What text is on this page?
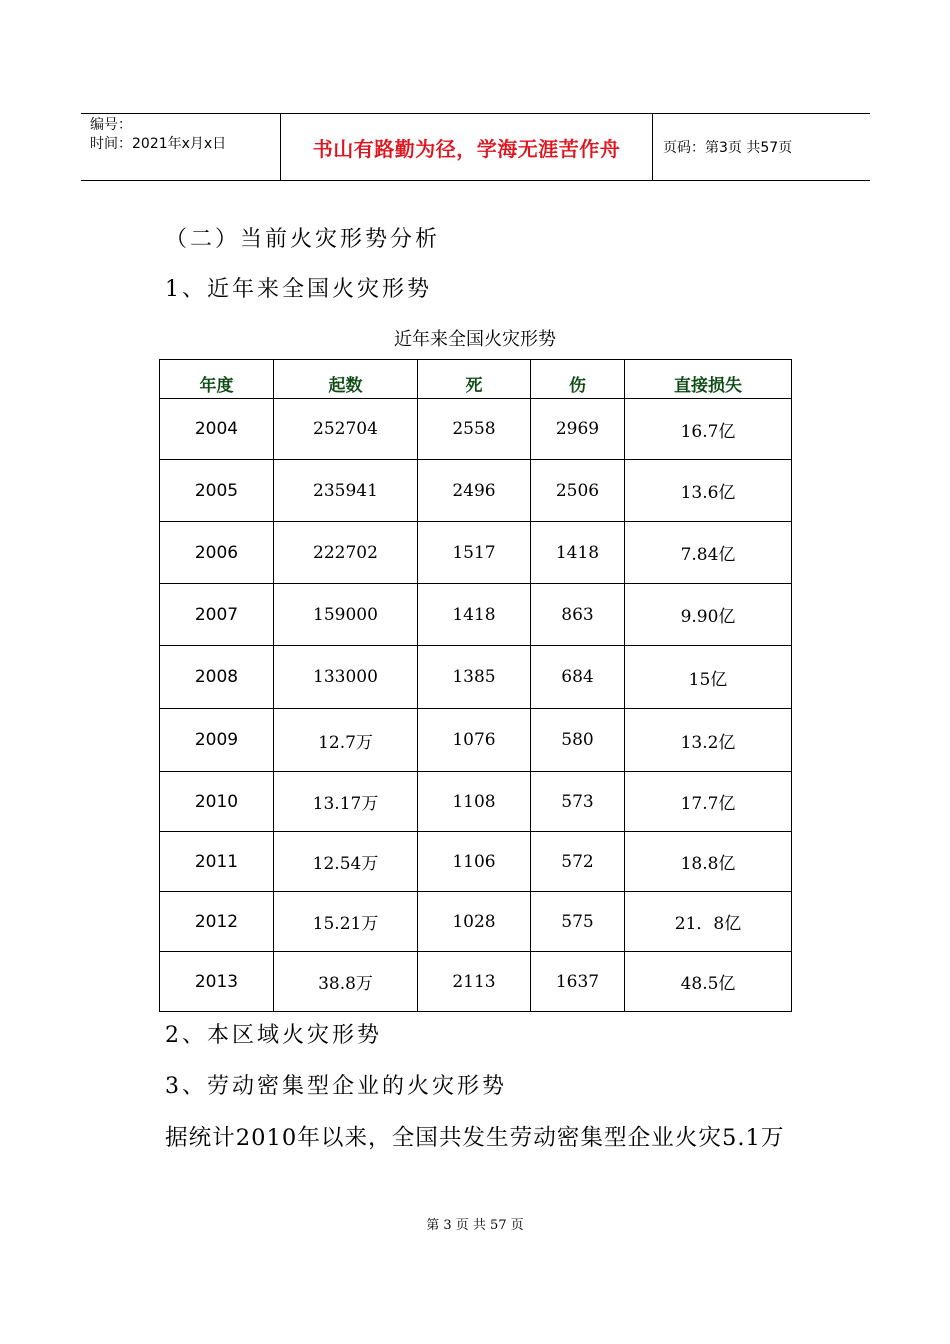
编号：
时间：2021年x月x日	书山有路勤为径，学海无涯苦作舟	页码：第3页 共57页
（二）当前火灾形势分析
1、近年来全国火灾形势
近年来全国火灾形势
年度	起数	死	伤	直接损失
2004	252704	2558	2969	16.7亿
2005	235941	2496	2506	13.6亿
2006	222702	1517	1418	7.84亿
2007	159000	1418	863	9.90亿
2008	133000	1385	684	15亿
2009	12.7万	1076	580	13.2亿
2010	13.17万	1108	573	17.7亿
2011	12.54万	1106	572	18.8亿
2012	15.21万	1028	575	21．8亿
2013	38.8万	2113	1637	48.5亿
2、本区域火灾形势
3、劳动密集型企业的火灾形势
据统计2010年以来，全国共发生劳动密集型企业火灾5.1万
第 3 页 共 57 页
